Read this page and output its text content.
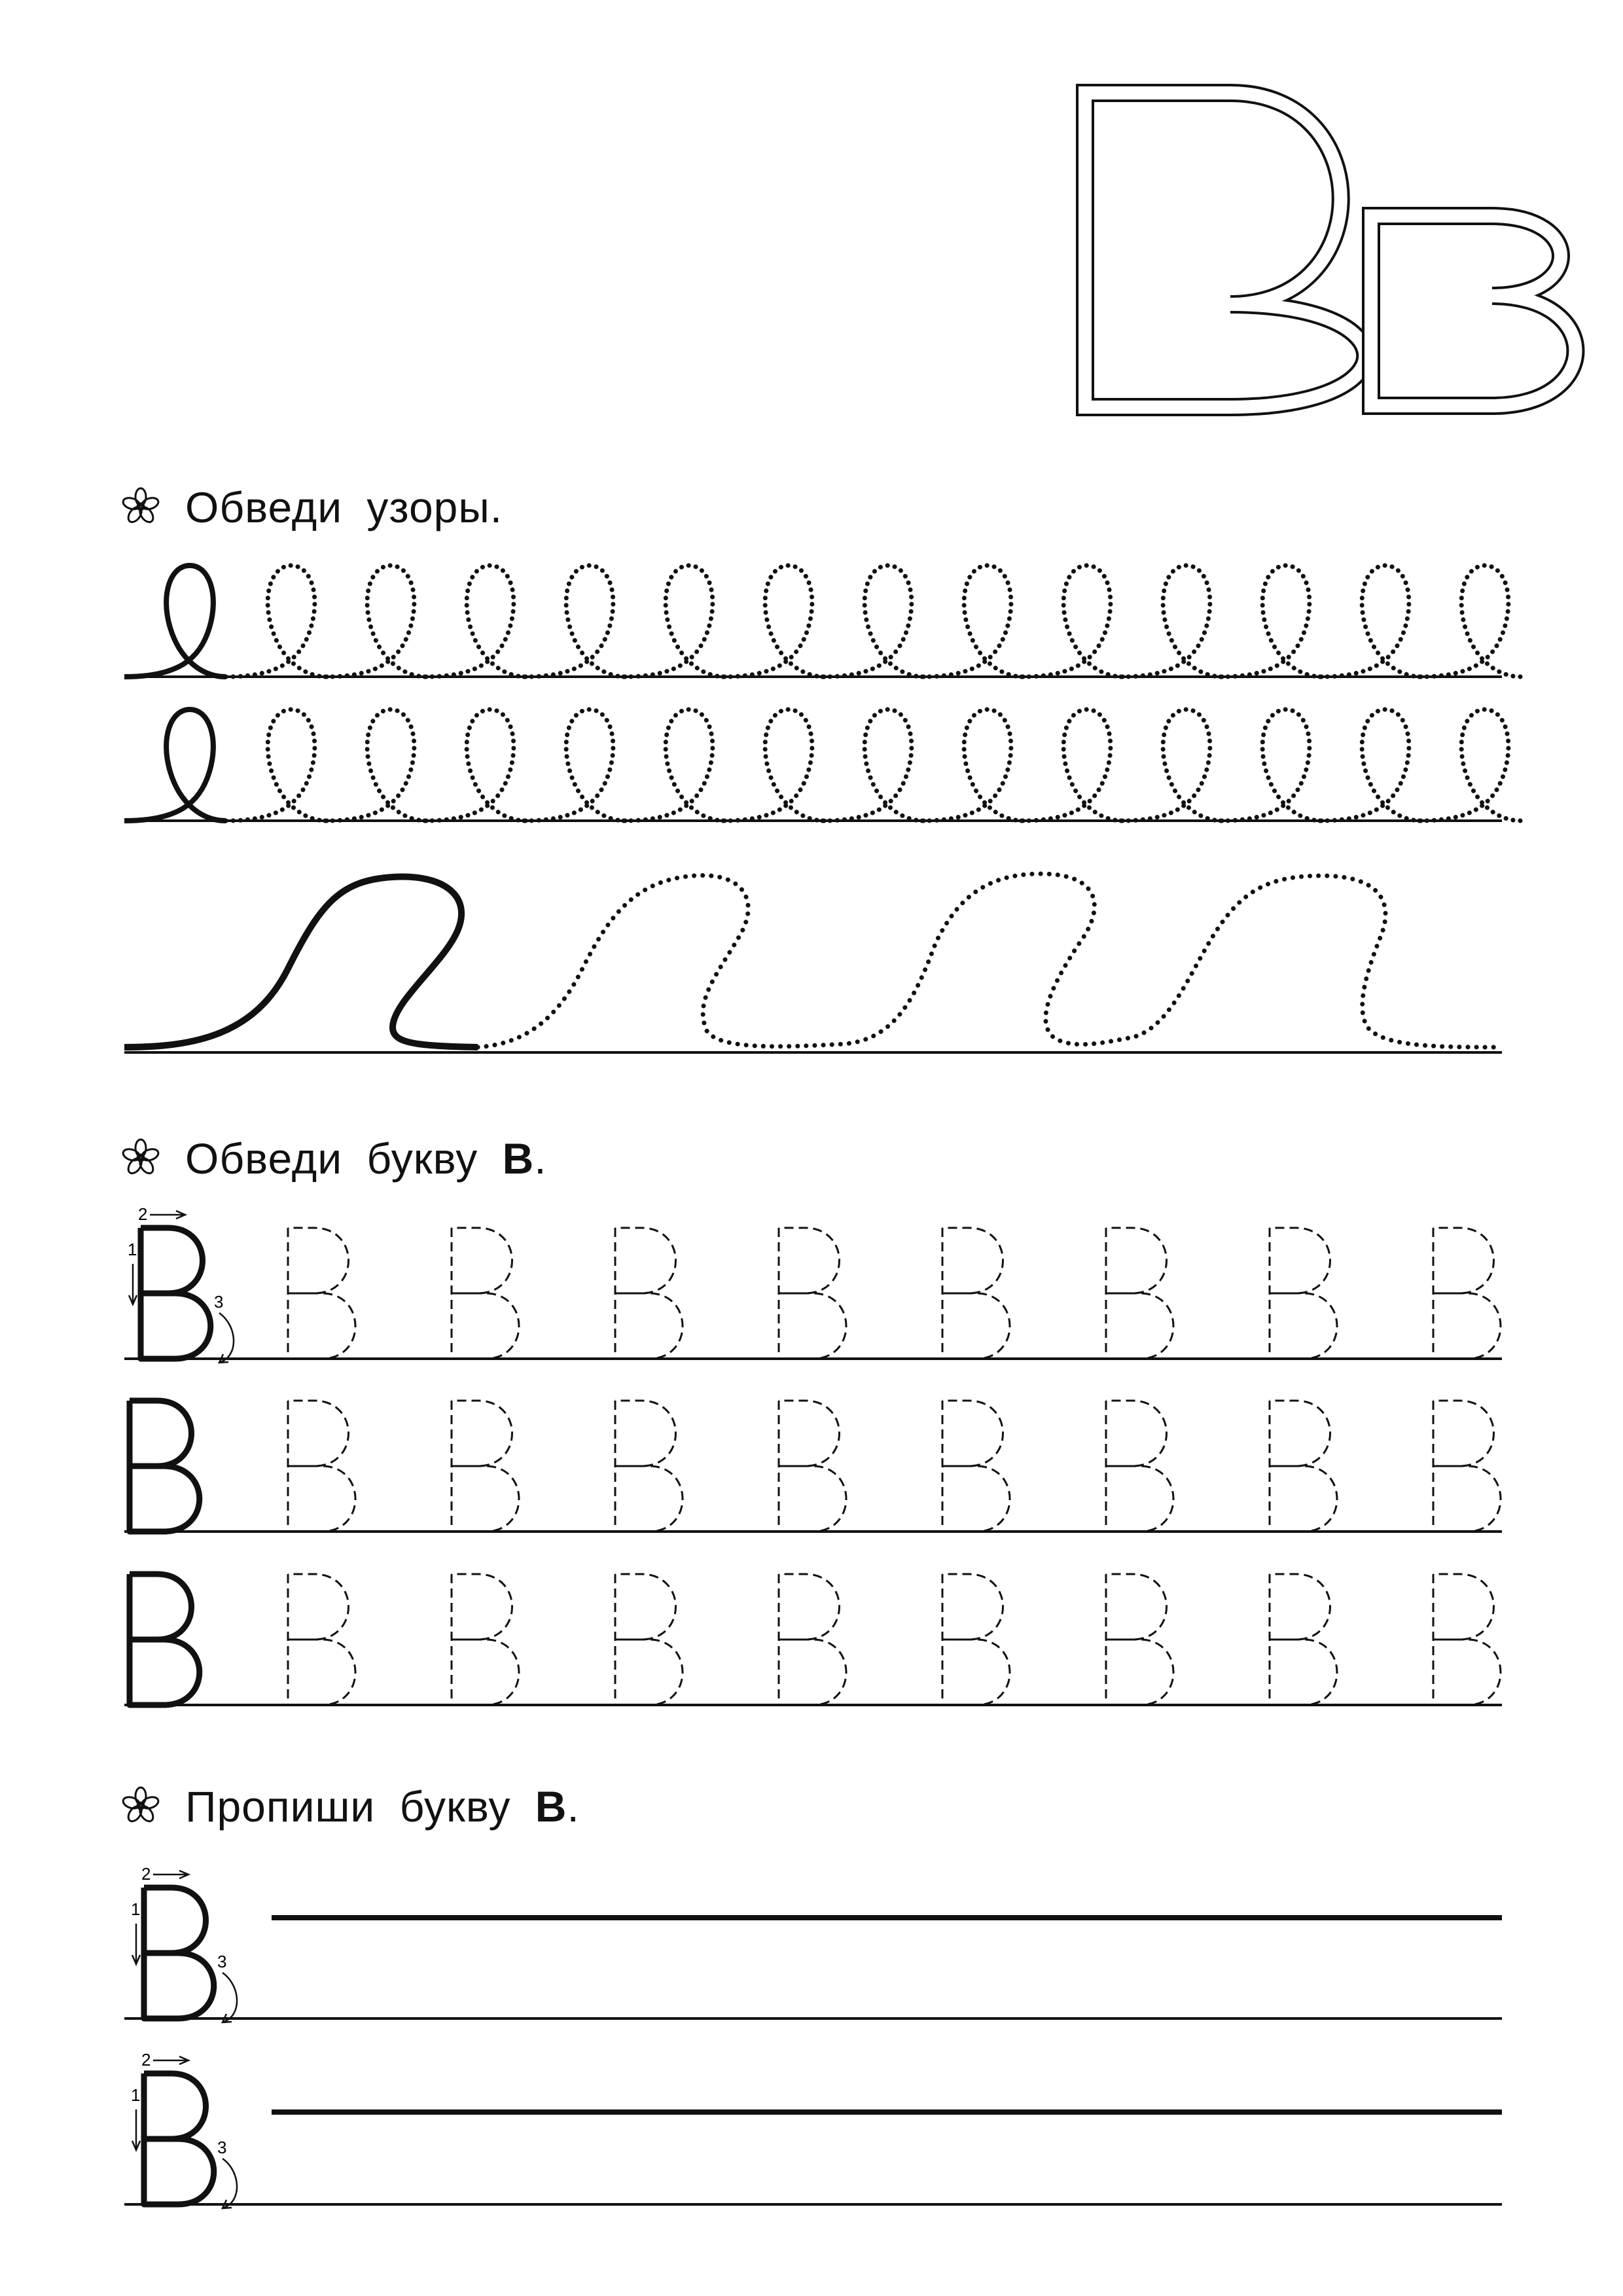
1
2
3
1
2
3
1
2
3
Обведи узоры.
Обведи букву В.
Пропиши букву В.
